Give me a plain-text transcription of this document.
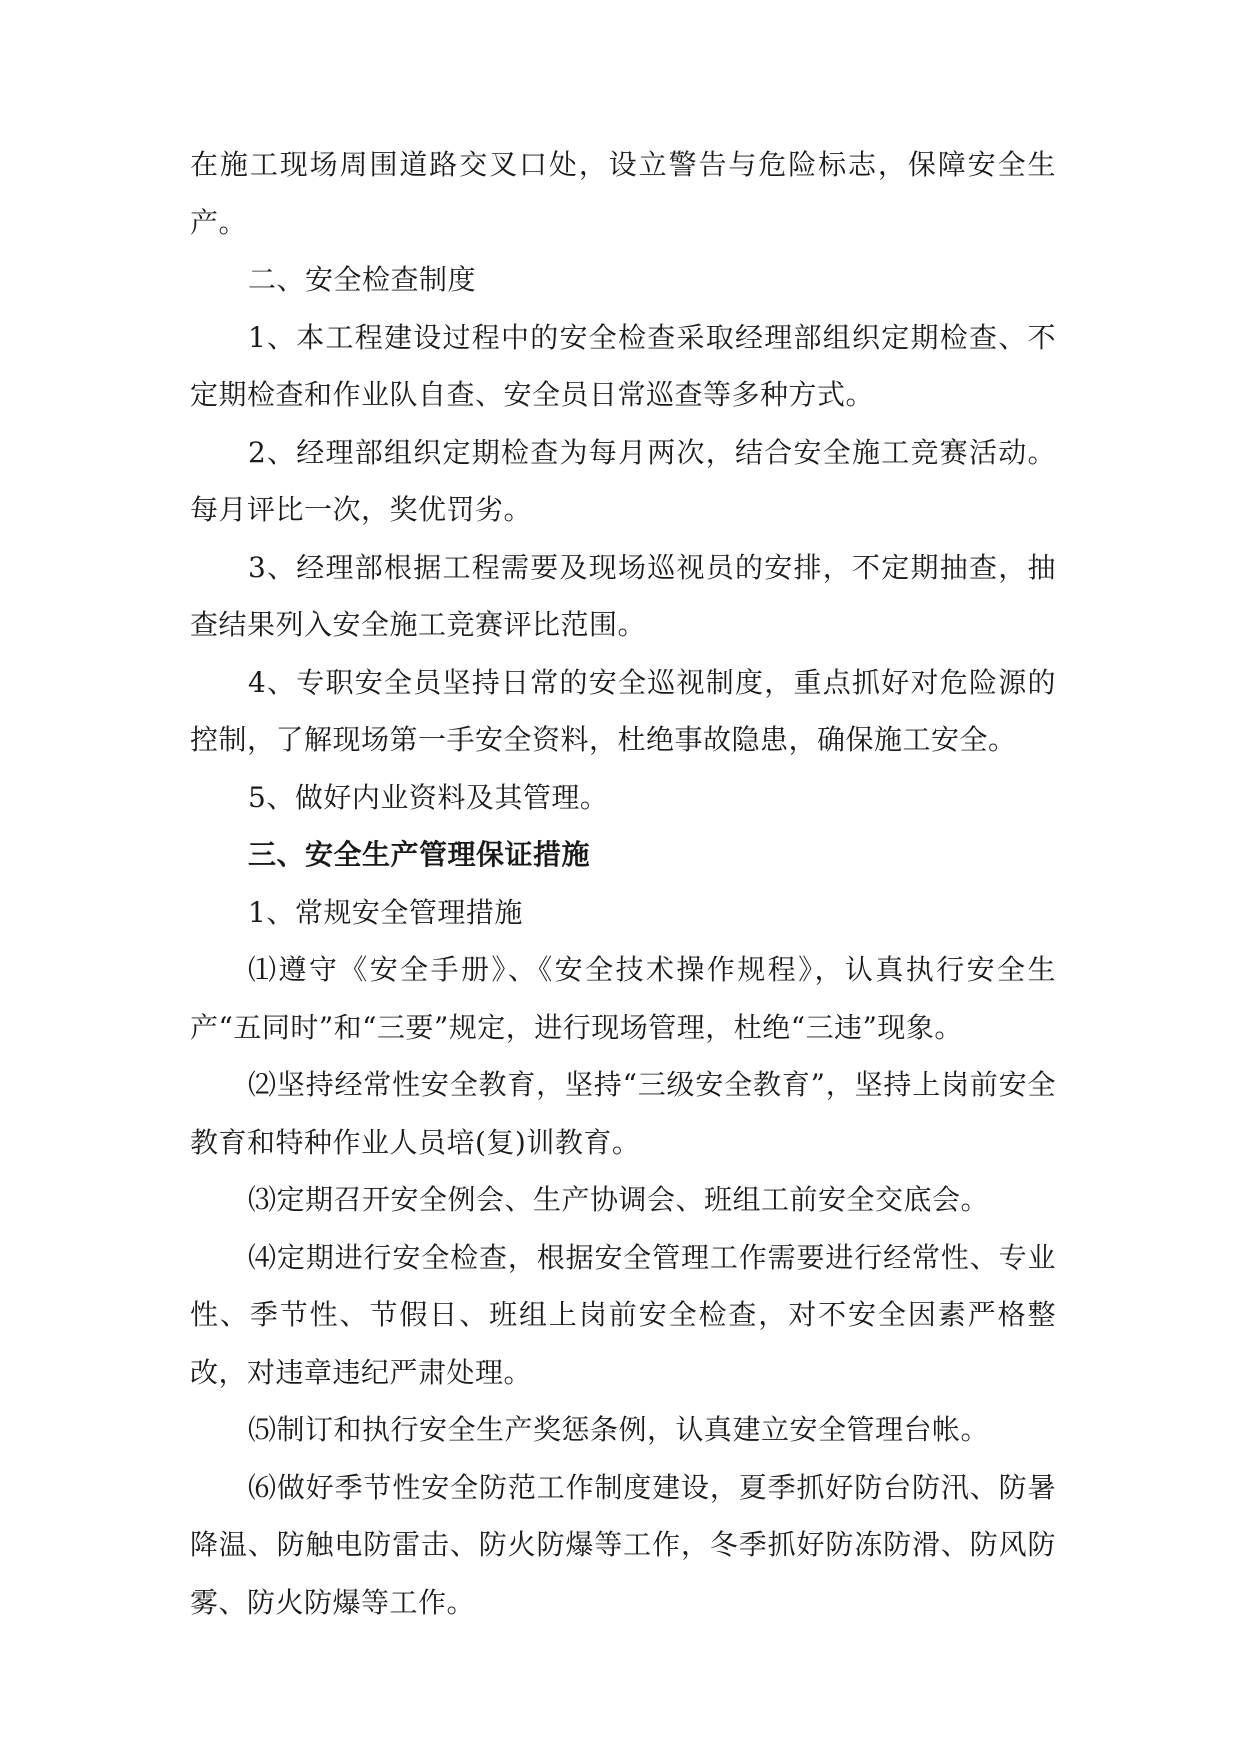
在施工现场周围道路交叉口处，设立警告与危险标志，保障安全生产。

二、安全检查制度

1、本工程建设过程中的安全检查采取经理部组织定期检查、不定期检查和作业队自查、安全员日常巡查等多种方式。

2、经理部组织定期检查为每月两次，结合安全施工竞赛活动。每月评比一次，奖优罚劣。

3、经理部根据工程需要及现场巡视员的安排，不定期抽查，抽查结果列入安全施工竞赛评比范围。

4、专职安全员坚持日常的安全巡视制度，重点抓好对危险源的控制，了解现场第一手安全资料，杜绝事故隐患，确保施工安全。

5、做好内业资料及其管理。

三、安全生产管理保证措施

1、常规安全管理措施

⑴遵守《安全手册》、《安全技术操作规程》，认真执行安全生产“五同时”和“三要”规定，进行现场管理，杜绝“三违”现象。

⑵坚持经常性安全教育，坚持“三级安全教育”，坚持上岗前安全教育和特种作业人员培(复)训教育。

⑶定期召开安全例会、生产协调会、班组工前安全交底会。

⑷定期进行安全检查，根据安全管理工作需要进行经常性、专业性、季节性、节假日、班组上岗前安全检查，对不安全因素严格整改，对违章违纪严肃处理。

⑸制订和执行安全生产奖惩条例，认真建立安全管理台帐。

⑹做好季节性安全防范工作制度建设，夏季抓好防台防汛、防暑降温、防触电防雷击、防火防爆等工作，冬季抓好防冻防滑、防风防雾、防火防爆等工作。
